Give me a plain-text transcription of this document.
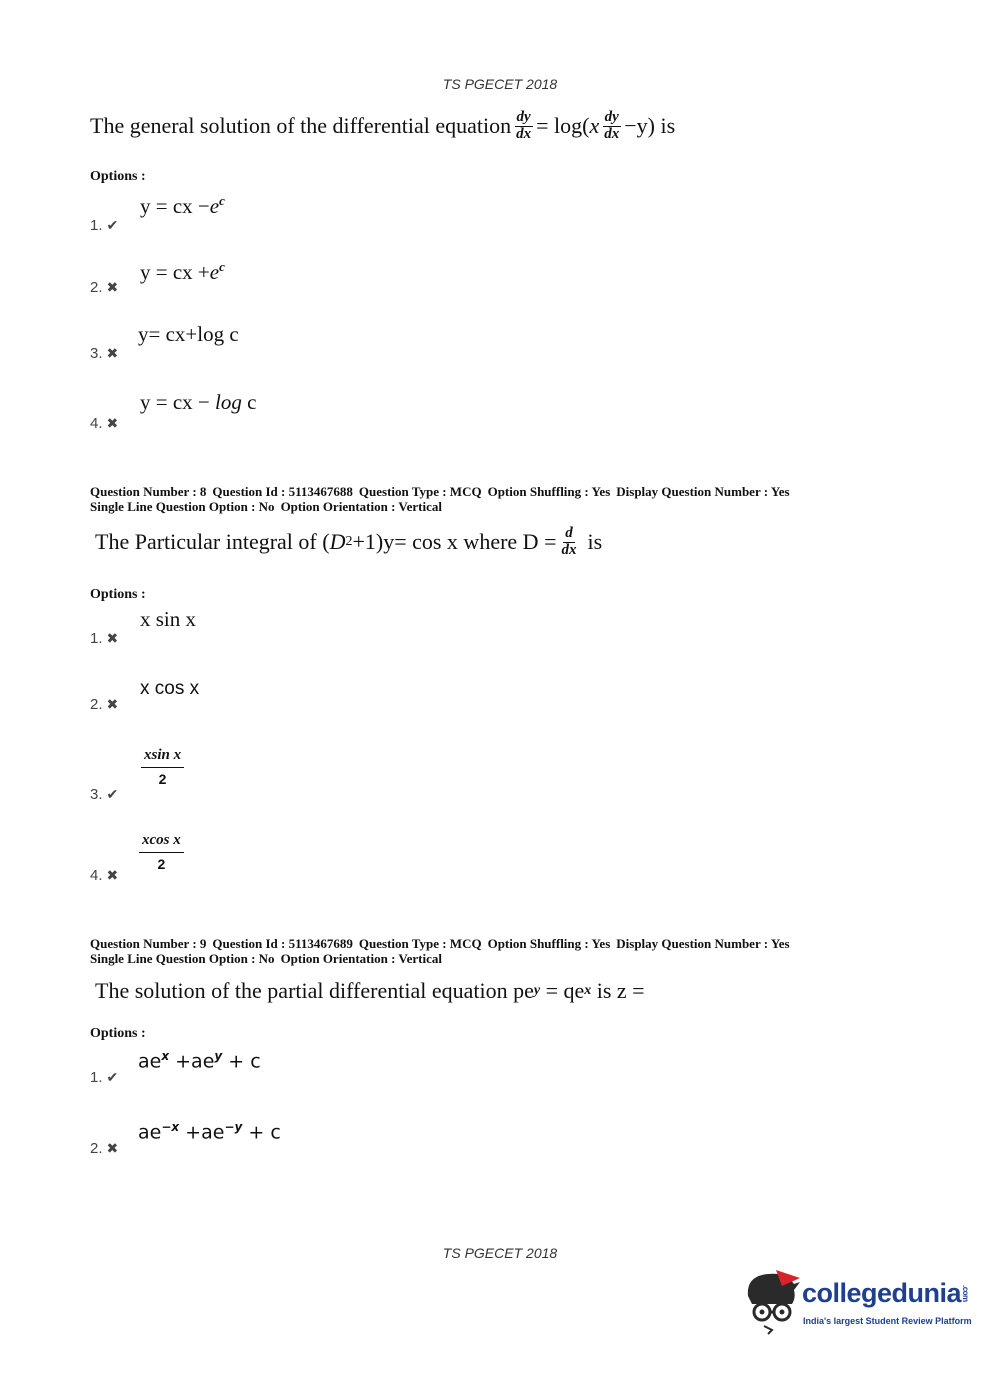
TS PGECET 2018
The general solution of the differential equation $\frac{dy}{dx} = \log$( x $\frac{dy}{dx} -y$) is
Options :
1. ✔
y = cx $-e^c$
2. ✖
y = cx $+e^c$
3. ✖
y= cx+log c
4. ✖
y = cx − log c
Question Number : 8 Question Id : 5113467688 Question Type : MCQ Option Shuffling : Yes Display Question Number : Yes
Single Line Question Option : No Option Orientation : Vertical
The Particular integral of ( D 2 +1)y= cos x where $D = \frac{d}{dx}$ is
Options :
1. ✖
x sin x
2. ✖
x cos x
3. ✔
$\frac{\text{xsin x}}{2}$
4. ✖
$\frac{\text{xcos x}}{2}$
Question Number : 9 Question Id : 5113467689 Question Type : MCQ Option Shuffling : Yes Display Question Number : Yes
Single Line Question Option : No Option Orientation : Vertical
The solution of the partial differential equation pe y = qe x is z =
Options :
1. ✔
$ae^x +ae^y + c$
2. ✖
$ae^{-x} +ae^{-y} + c$
TS PGECET 2018
collegedunia.com
India's largest Student Review Platform
